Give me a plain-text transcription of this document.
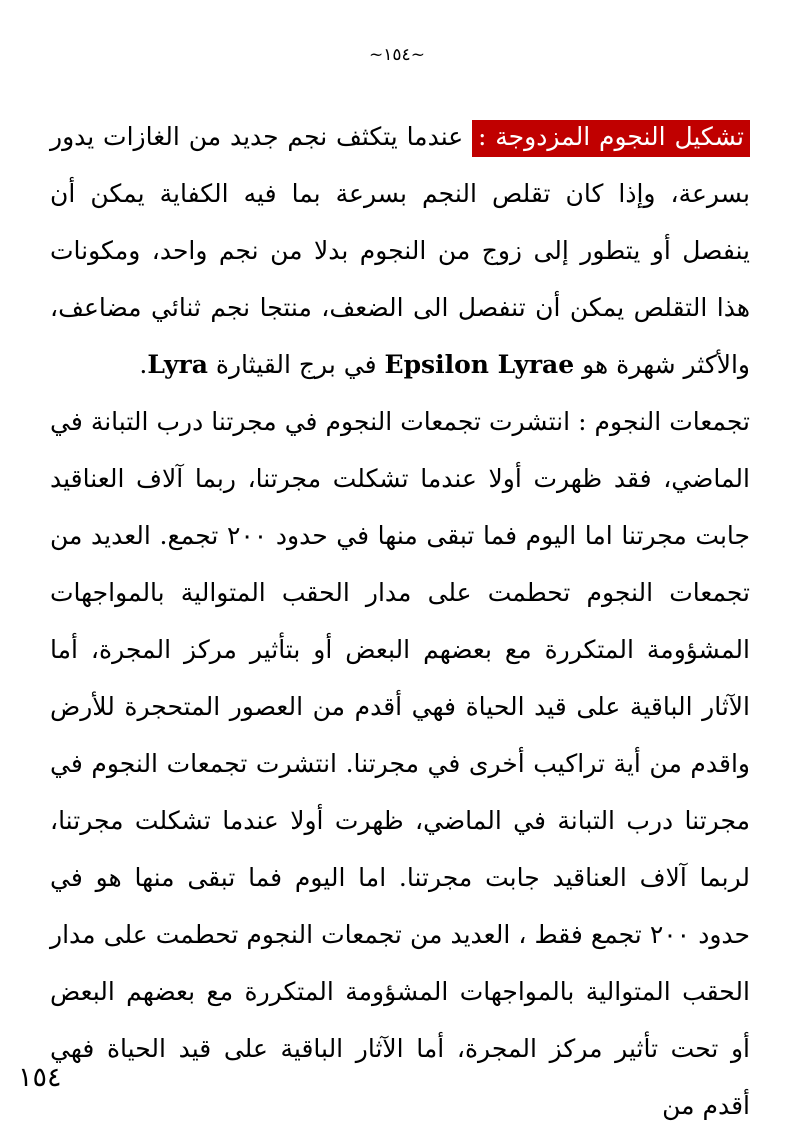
~١٥٤~

تشكيل النجوم المزدوجة : عندما يتكثف نجم جديد من الغازات يدور بسرعة، وإذا كان تقلص النجم بسرعة بما فيه الكفاية يمكن أن ينفصل أو يتطور إلى زوج من النجوم بدلا من نجم واحد، ومكونات هذا التقلص يمكن أن تنفصل الى الضعف، منتجا نجم ثنائي مضاعف، والأكثر شهرة هو Epsilon Lyrae في برج القيثارة Lyra.

تجمعات النجوم : انتشرت تجمعات النجوم في مجرتنا درب التبانة في الماضي، فقد ظهرت أولا عندما تشكلت مجرتنا، ربما آلاف العناقيد جابت مجرتنا اما اليوم فما تبقى منها في حدود ٢٠٠ تجمع. العديد من تجمعات النجوم تحطمت على مدار الحقب المتوالية بالمواجهات المشؤومة المتكررة مع بعضهم البعض أو بتأثير مركز المجرة، أما الآثار الباقية على قيد الحياة فهي أقدم من العصور المتحجرة للأرض واقدم من أية تراكيب أخرى في مجرتنا. انتشرت تجمعات النجوم في مجرتنا درب التبانة في الماضي، ظهرت أولا عندما تشكلت مجرتنا، لربما آلاف العناقيد جابت مجرتنا. اما اليوم فما تبقى منها هو في حدود ٢٠٠ تجمع فقط ، العديد من تجمعات النجوم تحطمت على مدار الحقب المتوالية بالمواجهات المشؤومة المتكررة مع بعضهم البعض أو تحت تأثير مركز المجرة، أما الآثار الباقية على قيد الحياة فهي أقدم من

١٥٤
